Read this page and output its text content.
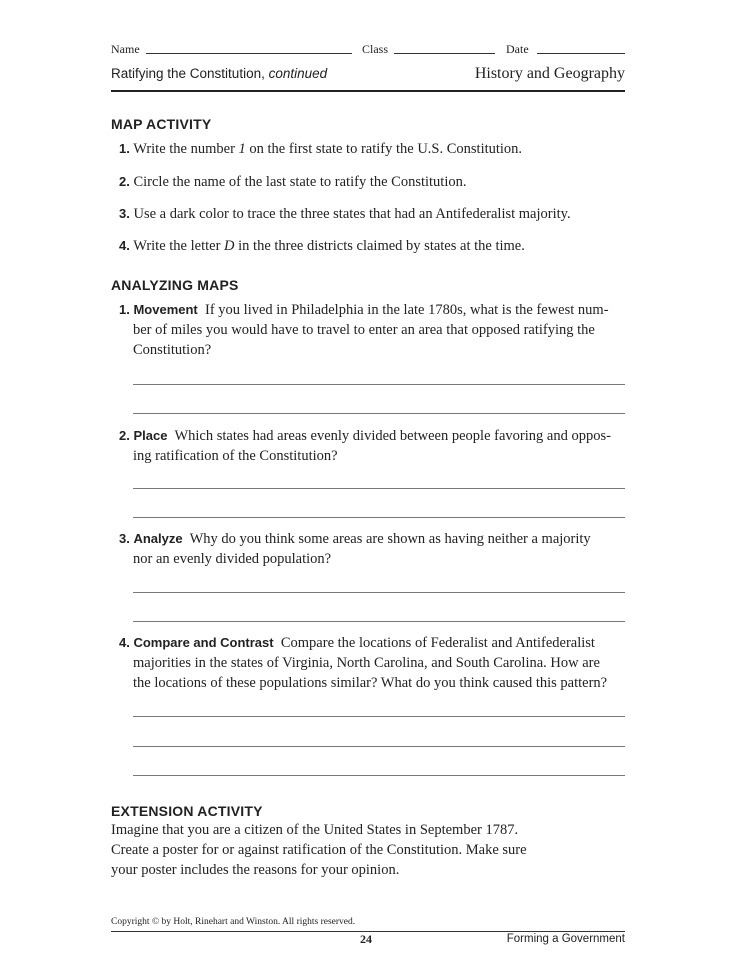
Name	Class	Date
Ratifying the Constitution, continued	History and Geography
MAP ACTIVITY
1. Write the number 1 on the first state to ratify the U.S. Constitution.
2. Circle the name of the last state to ratify the Constitution.
3. Use a dark color to trace the three states that had an Antifederalist majority.
4. Write the letter D in the three districts claimed by states at the time.
ANALYZING MAPS
1. Movement If you lived in Philadelphia in the late 1780s, what is the fewest num-
ber of miles you would have to travel to enter an area that opposed ratifying the
Constitution?
2. Place Which states had areas evenly divided between people favoring and oppos-
ing ratification of the Constitution?
3. Analyze Why do you think some areas are shown as having neither a majority
nor an evenly divided population?
4. Compare and Contrast Compare the locations of Federalist and Antifederalist
majorities in the states of Virginia, North Carolina, and South Carolina. How are
the locations of these populations similar? What do you think caused this pattern?
EXTENSION ACTIVITY
Imagine that you are a citizen of the United States in September 1787.
Create a poster for or against ratification of the Constitution. Make sure
your poster includes the reasons for your opinion.
Copyright © by Holt, Rinehart and Winston. All rights reserved.
24	Forming a Government
